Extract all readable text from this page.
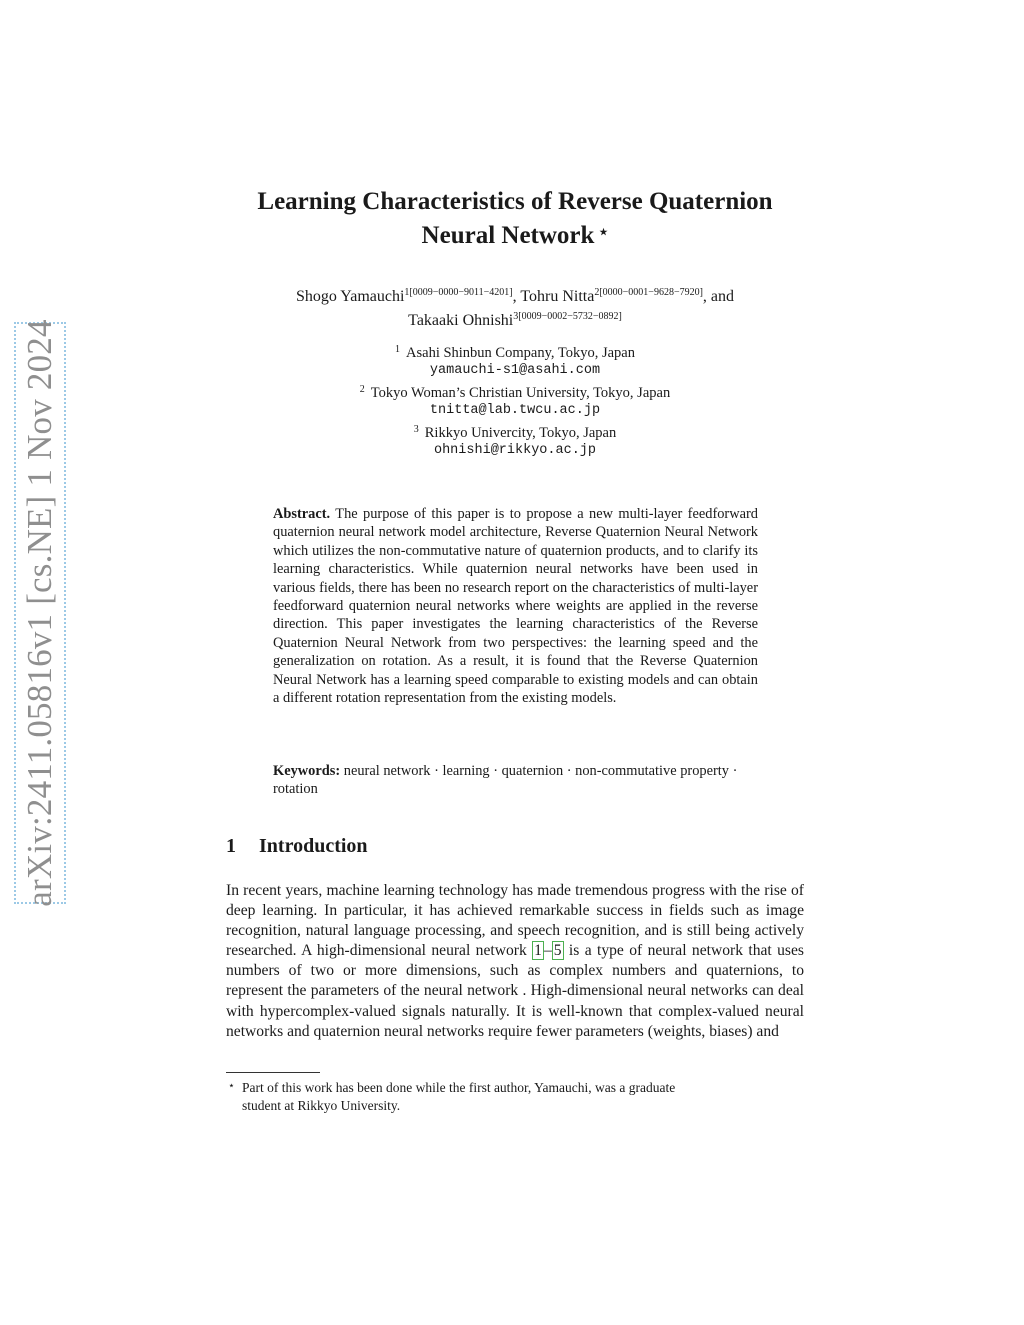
arXiv:2411.05816v1 [cs.NE] 1 Nov 2024
Learning Characteristics of Reverse Quaternion
Neural Network ⋆
Shogo Yamauchi$^{1[0009-0000-9011-4201]}$, Tohru Nitta$^{2[0000-0001-9628-7920]}$, and
Takaaki Ohnishi$^{3[0009-0002-5732-0892]}$
$^1$ Asahi Shinbun Company, Tokyo, Japan
yamauchi-s1@asahi.com
$^2$ Tokyo Woman’s Christian University, Tokyo, Japan
tnitta@lab.twcu.ac.jp
$^3$ Rikkyo Univercity, Tokyo, Japan
ohnishi@rikkyo.ac.jp
Abstract. The purpose of this paper is to propose a new multi-layer feedforward quaternion neural network model architecture, Reverse Quaternion Neural Network which utilizes the non-commutative nature of quaternion products, and to clarify its learning characteristics. While quaternion neural networks have been used in various fields, there has been no research report on the characteristics of multi-layer feedforward quaternion neural networks where weights are applied in the reverse direction. This paper investigates the learning characteristics of the Reverse Quaternion Neural Network from two perspectives: the learning speed and the generalization on rotation. As a result, it is found that the Reverse Quaternion Neural Network has a learning speed comparable to existing models and can obtain a different rotation representation from the existing models.
Keywords: neural network · learning · quaternion · non-commutative property · rotation
1 Introduction
In recent years, machine learning technology has made tremendous progress with the rise of deep learning. In particular, it has achieved remarkable success in fields such as image recognition, natural language processing, and speech recognition, and is still being actively researched. A high-dimensional neural network 1 – 5 is a type of neural network that uses numbers of two or more dimensions, such as complex numbers and quaternions, to represent the parameters of the neural network . High-dimensional neural networks can deal with hypercomplex-valued signals naturally. It is well-known that complex-valued neural networks and quaternion neural networks require fewer parameters (weights, biases) and
⋆ Part of this work has been done while the first author, Yamauchi, was a graduate
student at Rikkyo University.
